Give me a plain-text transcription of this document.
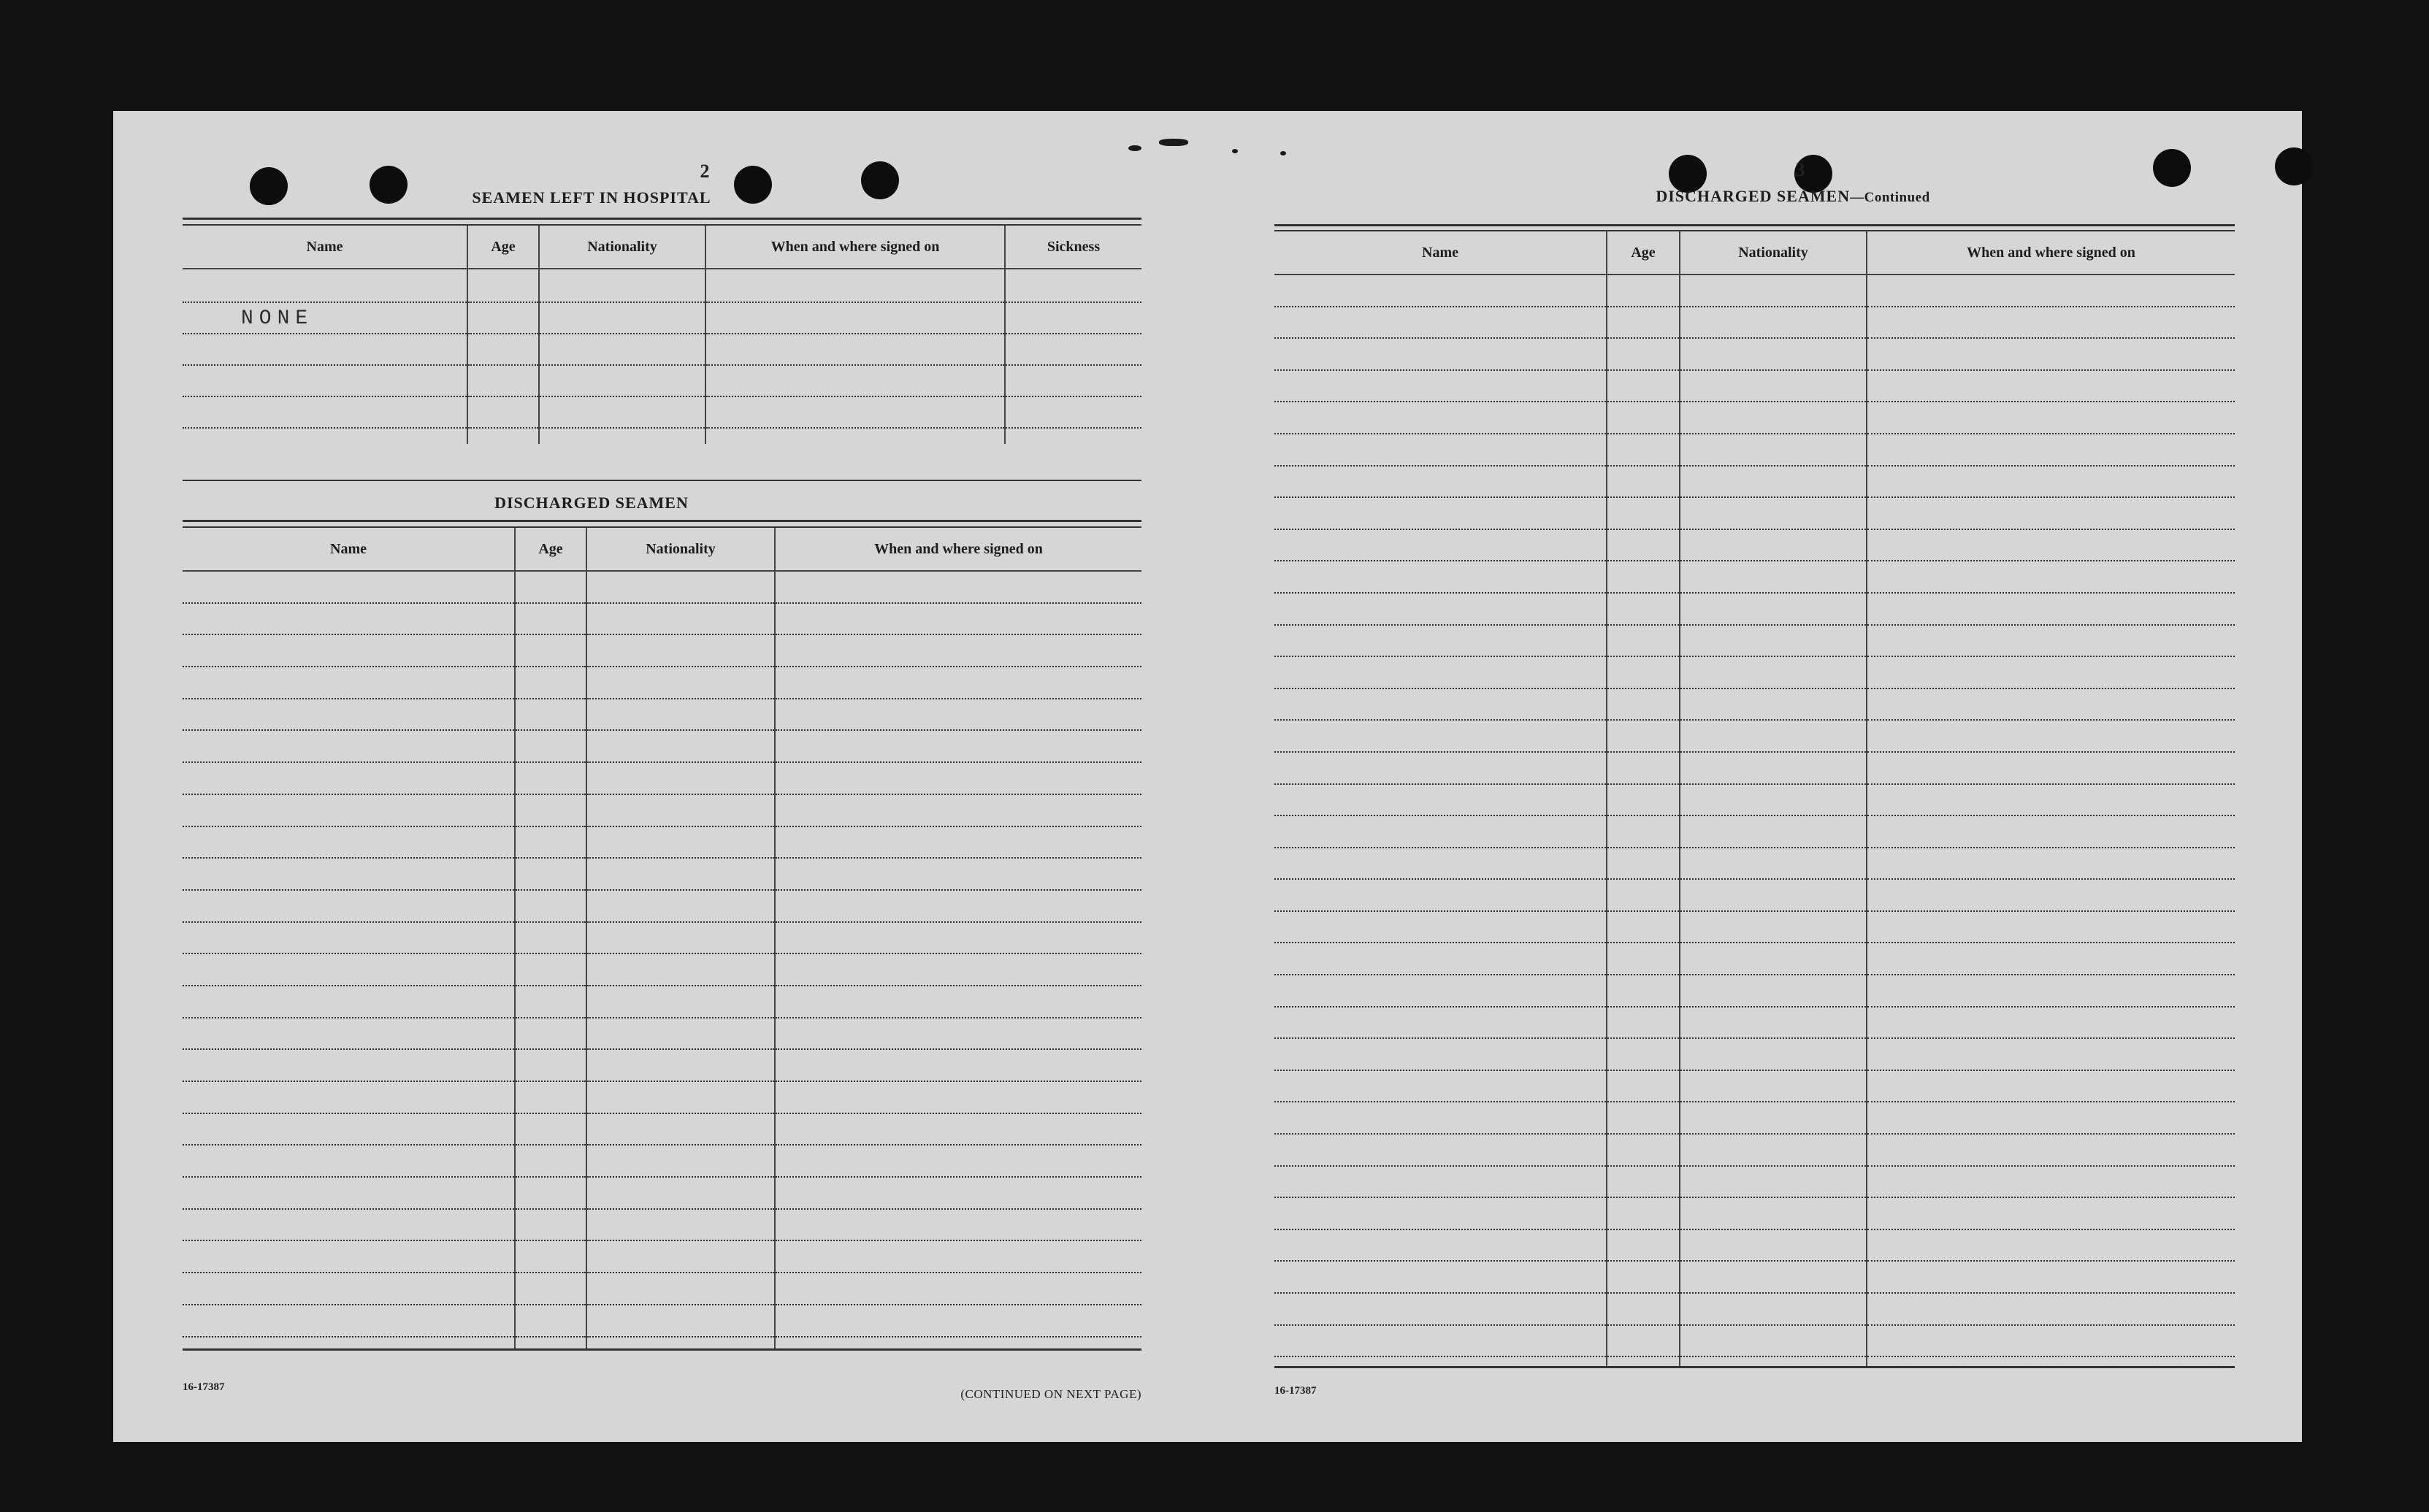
2
SEAMEN LEFT IN HOSPITAL
Name	Age	Nationality	When and where signed on	Sickness

NONE				

DISCHARGED SEAMEN
Name	Age	Nationality	When and where signed on

16-17387	(CONTINUED ON NEXT PAGE)
3
DISCHARGED SEAMEN—Continued
Name	Age	Nationality	When and where signed on

16-17387
